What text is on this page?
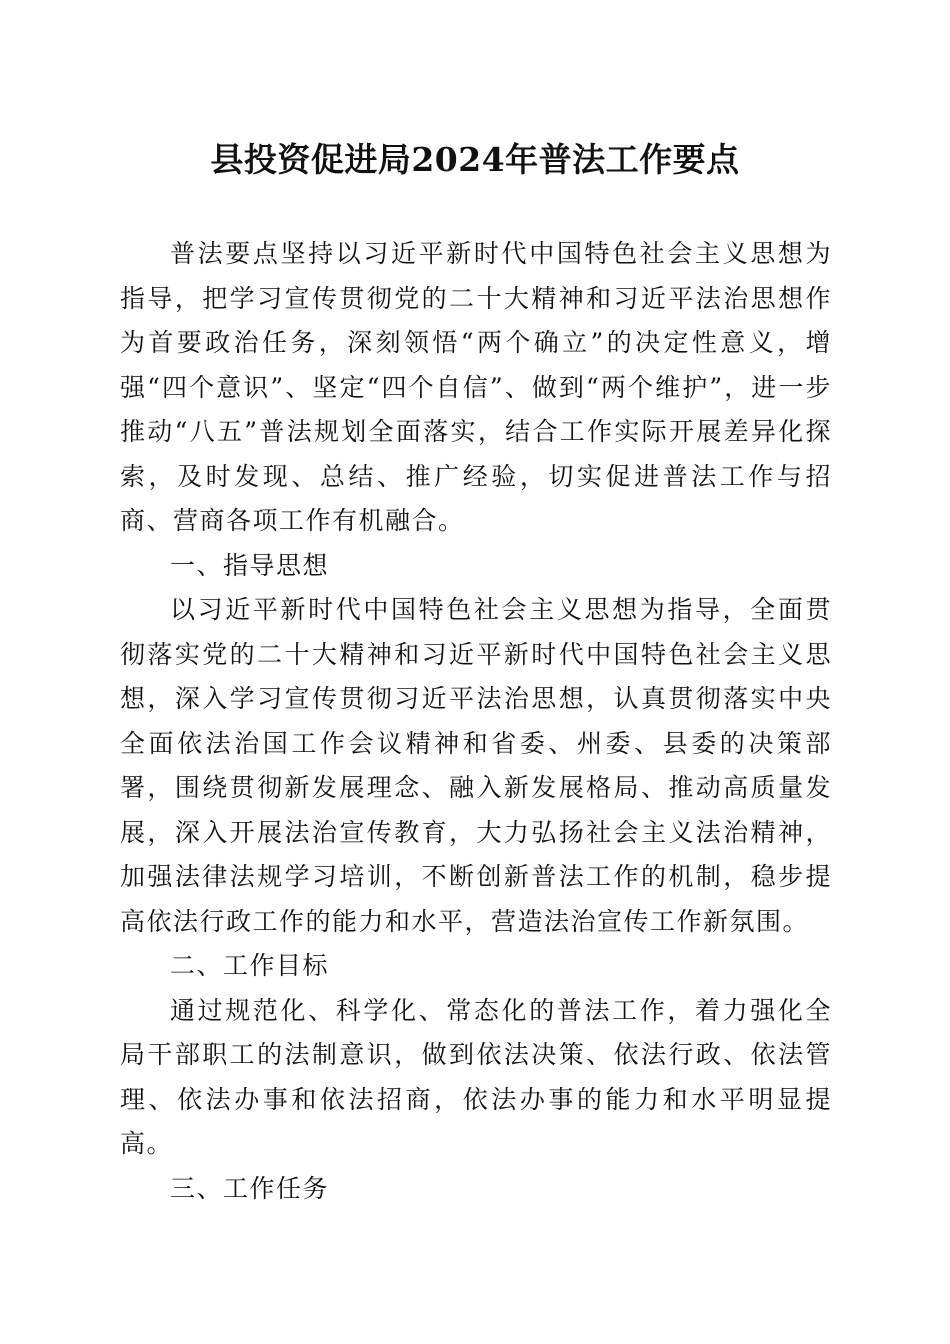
县投资促进局2024年普法工作要点

普法要点坚持以习近平新时代中国特色社会主义思想为指导，把学习宣传贯彻党的二十大精神和习近平法治思想作为首要政治任务，深刻领悟“两个确立”的决定性意义，增强“四个意识”、坚定“四个自信”、做到“两个维护”，进一步推动“八五”普法规划全面落实，结合工作实际开展差异化探索，及时发现、总结、推广经验，切实促进普法工作与招商、营商各项工作有机融合。

一、指导思想

以习近平新时代中国特色社会主义思想为指导，全面贯彻落实党的二十大精神和习近平新时代中国特色社会主义思想，深入学习宣传贯彻习近平法治思想，认真贯彻落实中央全面依法治国工作会议精神和省委、州委、县委的决策部署，围绕贯彻新发展理念、融入新发展格局、推动高质量发展，深入开展法治宣传教育，大力弘扬社会主义法治精神，加强法律法规学习培训，不断创新普法工作的机制，稳步提高依法行政工作的能力和水平，营造法治宣传工作新氛围。

二、工作目标

通过规范化、科学化、常态化的普法工作，着力强化全局干部职工的法制意识，做到依法决策、依法行政、依法管理、依法办事和依法招商，依法办事的能力和水平明显提高。

三、工作任务
